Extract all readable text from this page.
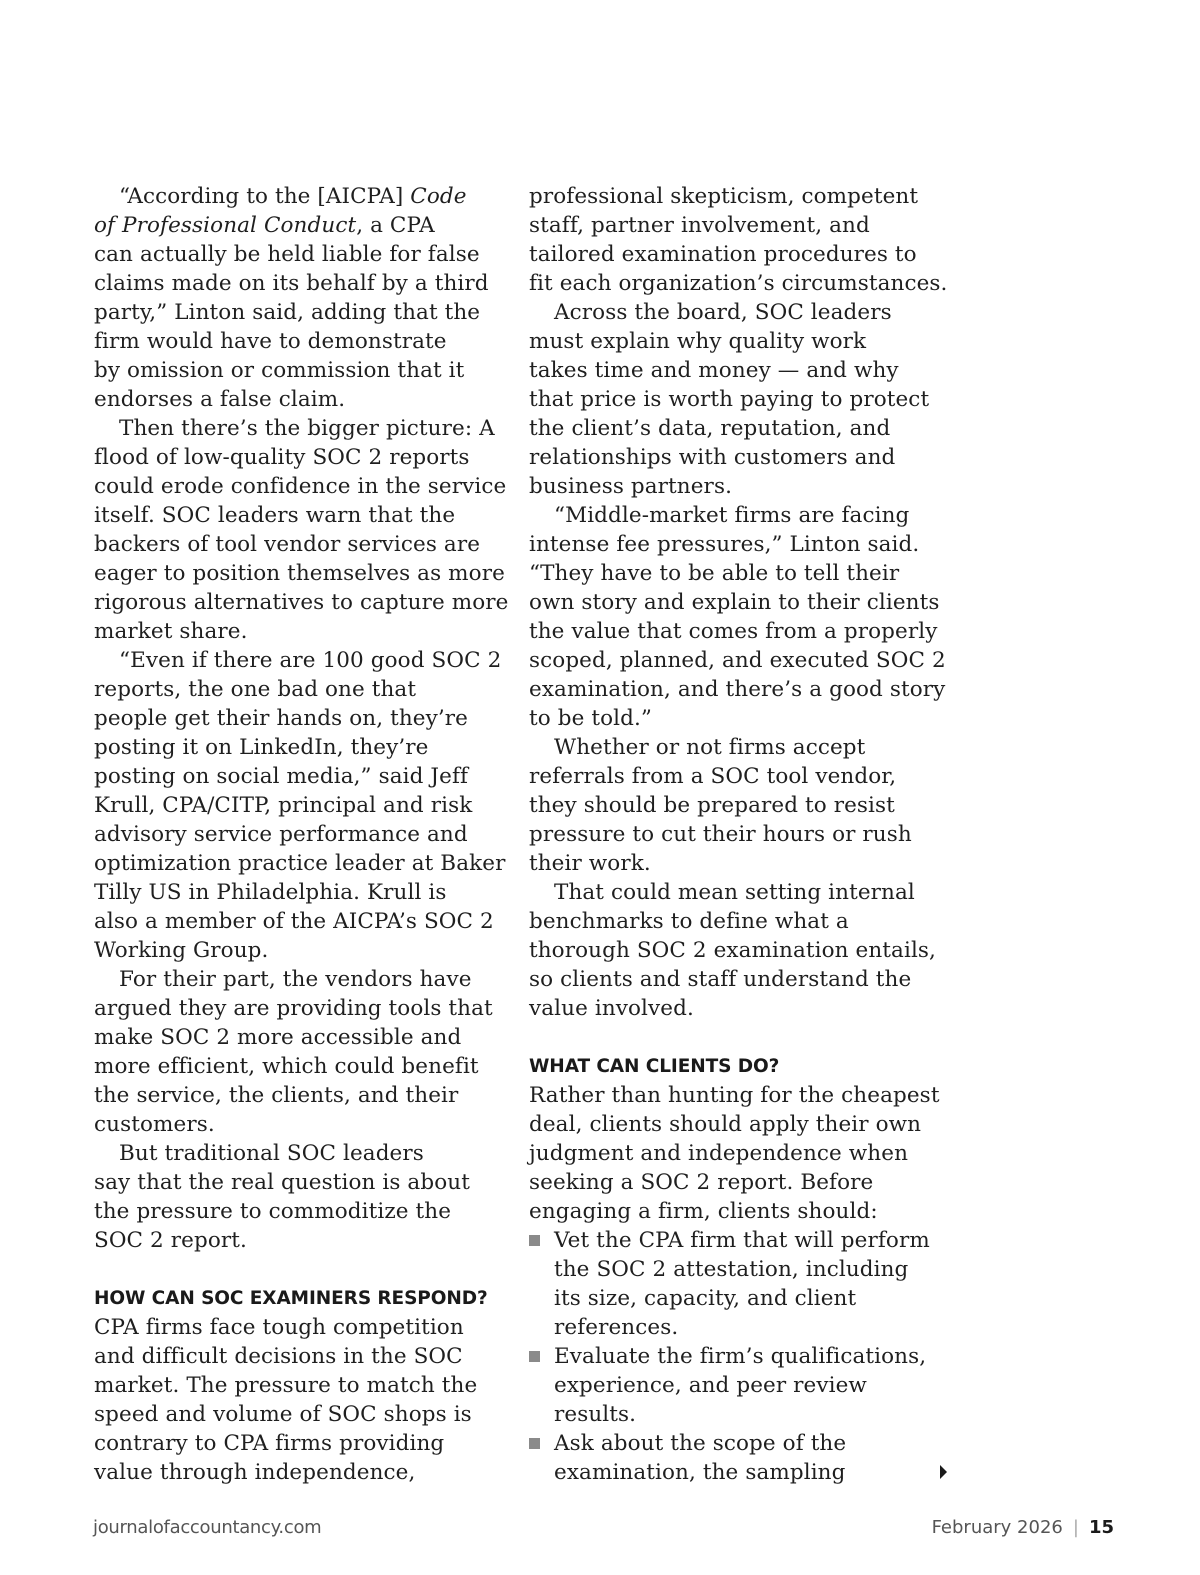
“According to the [AICPA] Code
of Professional Conduct, a CPA
can actually be held liable for false
claims made on its behalf by a third
party,” Linton said, adding that the
firm would have to demonstrate
by omission or commission that it
endorses a false claim.

Then there’s the bigger picture: A
flood of low-quality SOC 2 reports
could erode confidence in the service
itself. SOC leaders warn that the
backers of tool vendor services are
eager to position themselves as more
rigorous alternatives to capture more
market share.

“Even if there are 100 good SOC 2
reports, the one bad one that
people get their hands on, they’re
posting it on LinkedIn, they’re
posting on social media,” said Jeff
Krull, CPA/CITP, principal and risk
advisory service performance and
optimization practice leader at Baker
Tilly US in Philadelphia. Krull is
also a member of the AICPA’s SOC 2
Working Group.

For their part, the vendors have
argued they are providing tools that
make SOC 2 more accessible and
more efficient, which could benefit
the service, the clients, and their
customers.

But traditional SOC leaders
say that the real question is about
the pressure to commoditize the
SOC 2 report.

HOW CAN SOC EXAMINERS RESPOND?

CPA firms face tough competition
and difficult decisions in the SOC
market. The pressure to match the
speed and volume of SOC shops is
contrary to CPA firms providing
value through independence,

professional skepticism, competent
staff, partner involvement, and
tailored examination procedures to
fit each organization’s circumstances.

Across the board, SOC leaders
must explain why quality work
takes time and money — and why
that price is worth paying to protect
the client’s data, reputation, and
relationships with customers and
business partners.

“Middle-market firms are facing
intense fee pressures,” Linton said.
“They have to be able to tell their
own story and explain to their clients
the value that comes from a properly
scoped, planned, and executed SOC 2
examination, and there’s a good story
to be told.”

Whether or not firms accept
referrals from a SOC tool vendor,
they should be prepared to resist
pressure to cut their hours or rush
their work.

That could mean setting internal
benchmarks to define what a
thorough SOC 2 examination entails,
so clients and staff understand the
value involved.

WHAT CAN CLIENTS DO?

Rather than hunting for the cheapest
deal, clients should apply their own
judgment and independence when
seeking a SOC 2 report. Before
engaging a firm, clients should:

Vet the CPA firm that will perform
the SOC 2 attestation, including
its size, capacity, and client
references.
Evaluate the firm’s qualifications,
experience, and peer review
results.
Ask about the scope of the
examination, the sampling
journalofaccountancy.com	February 2026 | 15
